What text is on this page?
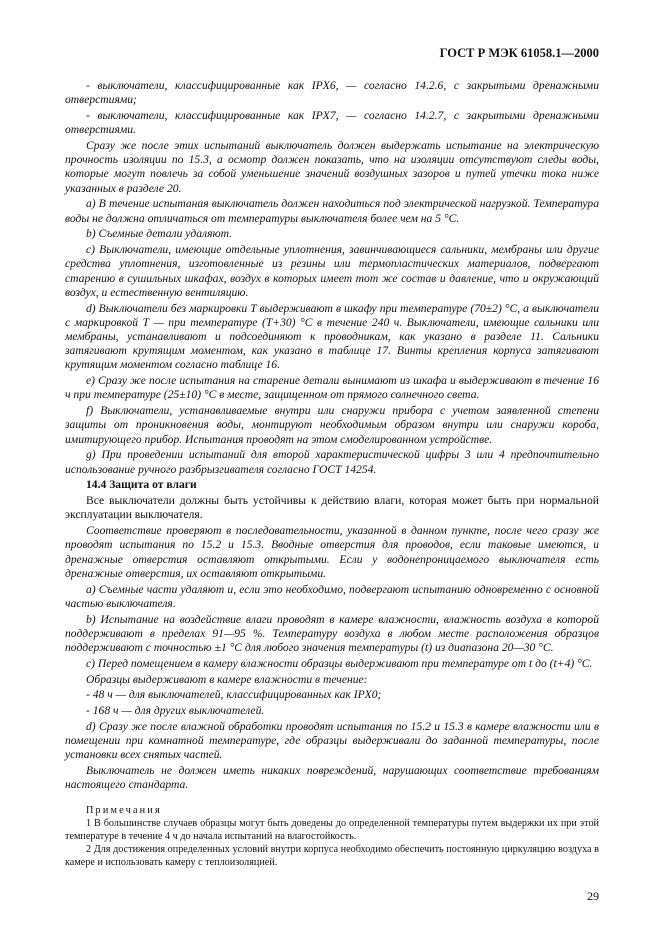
ГОСТ Р МЭК 61058.1—2000

- выключатели, классифицированные как IPX6, — согласно 14.2.6, с закрытыми дренажными отверстиями;

- выключатели, классифицированные как IPX7, — согласно 14.2.7, с закрытыми дренажными отверстиями.

Сразу же после этих испытаний выключатель должен выдержать испытание на электрическую прочность изоляции по 15.3, а осмотр должен показать, что на изоляции отсутствуют следы воды, которые могут повлечь за собой уменьшение значений воздушных зазоров и путей утечки тока ниже указанных в разделе 20.

a) В течение испытания выключатель должен находиться под электрической нагрузкой. Температура воды не должна отличаться от температуры выключателя более чем на 5 °C.

b) Съемные детали удаляют.

c) Выключатели, имеющие отдельные уплотнения, завинчивающиеся сальники, мембраны или другие средства уплотнения, изготовленные из резины или термопластических материалов, подвергают старению в сушильных шкафах, воздух в которых имеет тот же состав и давление, что и окружающий воздух, и естественную вентиляцию.

d) Выключатели без маркировки T выдерживают в шкафу при температуре (70±2) °C, а выключатели с маркировкой T — при температуре (T+30) °C в течение 240 ч. Выключатели, имеющие сальники или мембраны, устанавливают и подсоединяют к проводникам, как указано в разделе 11. Сальники затягивают крутящим моментом, как указано в таблице 17. Винты крепления корпуса затягивают крутящим моментом согласно таблице 16.

e) Сразу же после испытания на старение детали вынимают из шкафа и выдерживают в течение 16 ч при температуре (25±10) °C в месте, защищенном от прямого солнечного света.

f) Выключатели, устанавливаемые внутри или снаружи прибора с учетом заявленной степени защиты от проникновения воды, монтируют необходимым образом внутри или снаружи короба, имитирующего прибор. Испытания проводят на этом смоделированном устройстве.

g) При проведении испытаний для второй характеристической цифры 3 или 4 предпочтительно использование ручного разбрызгивателя согласно ГОСТ 14254.

14.4 Защита от влаги

Все выключатели должны быть устойчивы к действию влаги, которая может быть при нормальной эксплуатации выключателя.

Соответствие проверяют в последовательности, указанной в данном пункте, после чего сразу же проводят испытания по 15.2 и 15.3. Вводные отверстия для проводов, если таковые имеются, и дренажные отверстия оставляют открытыми. Если у водонепроницаемого выключателя есть дренажные отверстия, их оставляют открытыми.

a) Съемные части удаляют и, если это необходимо, подвергают испытанию одновременно с основной частью выключателя.

b) Испытание на воздействие влаги проводят в камере влажности, влажность воздуха в которой поддерживают в пределах 91—95 %. Температуру воздуха в любом месте расположения образцов поддерживают с точностью ±1 °C для любого значения температуры (t) из диапазона 20—30 °C.

c) Перед помещением в камеру влажности образцы выдерживают при температуре от t до (t+4) °C.

Образцы выдерживают в камере влажности в течение:

- 48 ч — для выключателей, классифицированных как IPX0;

- 168 ч — для других выключателей.

d) Сразу же после влажной обработки проводят испытания по 15.2 и 15.3 в камере влажности или в помещении при комнатной температуре, где образцы выдерживали до заданной температуры, после установки всех снятых частей.

Выключатель не должен иметь никаких повреждений, нарушающих соответствие требованиям настоящего стандарта.

Примечания

1 В большинстве случаев образцы могут быть доведены до определенной температуры путем выдержки их при этой температуре в течение 4 ч до начала испытаний на влагостойкость.

2 Для достижения определенных условий внутри корпуса необходимо обеспечить постоянную циркуляцию воздуха в камере и использовать камеру с теплоизоляцией.

29
